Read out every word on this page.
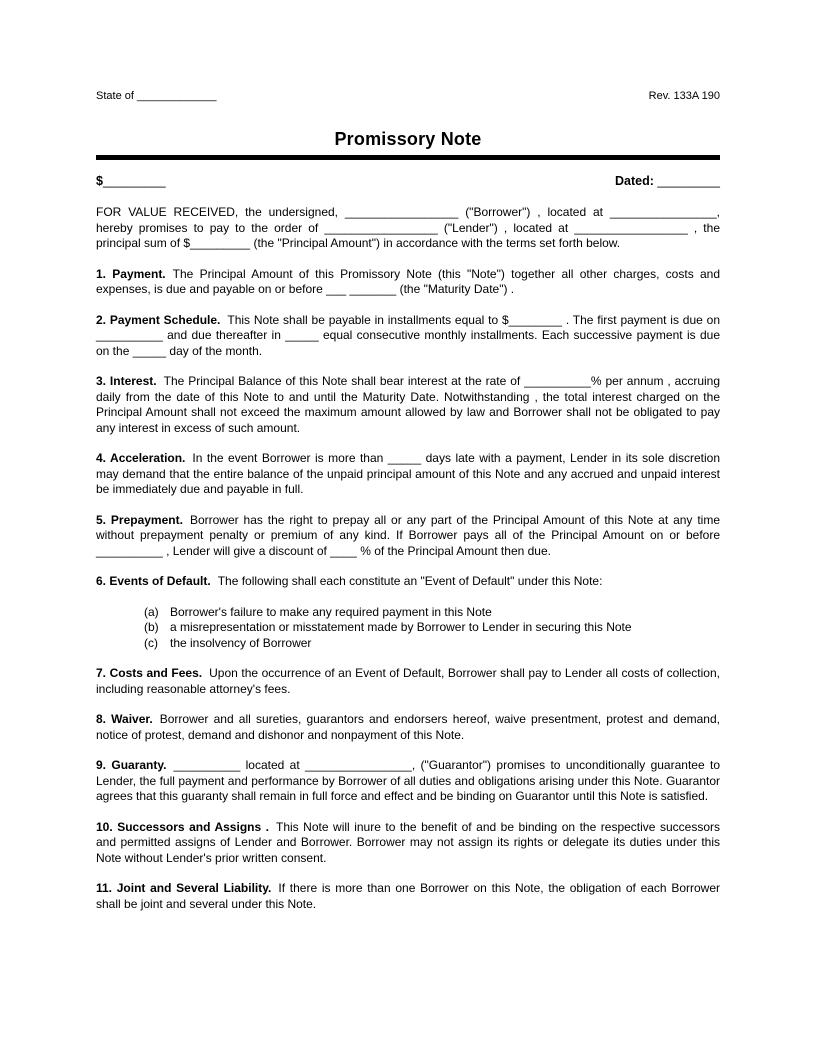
State of _____________	Rev. 133A 190
Promissory Note
$_________	Dated: _________

FOR VALUE RECEIVED, the undersigned, _________________ ("Borrower") , located at ________________, hereby promises to pay to the order of _________________ ("Lender") , located at _________________ , the principal sum of $_________ (the "Principal Amount") in accordance with the terms set forth below.

1. Payment. The Principal Amount of this Promissory Note (this "Note") together all other charges, costs and expenses, is due and payable on or before ___ _______ (the "Maturity Date") .

2. Payment Schedule. This Note shall be payable in installments equal to $________ . The first payment is due on __________ and due thereafter in _____ equal consecutive monthly installments. Each successive payment is due on the _____ day of the month.

3. Interest. The Principal Balance of this Note shall bear interest at the rate of __________% per annum , accruing daily from the date of this Note to and until the Maturity Date. Notwithstanding , the total interest charged on the Principal Amount shall not exceed the maximum amount allowed by law and Borrower shall not be obligated to pay any interest in excess of such amount.

4. Acceleration. In the event Borrower is more than _____ days late with a payment, Lender in its sole discretion may demand that the entire balance of the unpaid principal amount of this Note and any accrued and unpaid interest be immediately due and payable in full.

5. Prepayment. Borrower has the right to prepay all or any part of the Principal Amount of this Note at any time without prepayment penalty or premium of any kind. If Borrower pays all of the Principal Amount on or before __________ , Lender will give a discount of ____ % of the Principal Amount then due.

6. Events of Default. The following shall each constitute an "Event of Default" under this Note:

(a) Borrower's failure to make any required payment in this Note
(b) a misrepresentation or misstatement made by Borrower to Lender in securing this Note
(c) the insolvency of Borrower

7. Costs and Fees. Upon the occurrence of an Event of Default, Borrower shall pay to Lender all costs of collection, including reasonable attorney's fees.

8. Waiver. Borrower and all sureties, guarantors and endorsers hereof, waive presentment, protest and demand, notice of protest, demand and dishonor and nonpayment of this Note.

9. Guaranty. __________ located at ________________, ("Guarantor") promises to unconditionally guarantee to Lender, the full payment and performance by Borrower of all duties and obligations arising under this Note. Guarantor agrees that this guaranty shall remain in full force and effect and be binding on Guarantor until this Note is satisfied.

10. Successors and Assigns . This Note will inure to the benefit of and be binding on the respective successors and permitted assigns of Lender and Borrower. Borrower may not assign its rights or delegate its duties under this Note without Lender's prior written consent.

11. Joint and Several Liability. If there is more than one Borrower on this Note, the obligation of each Borrower shall be joint and several under this Note.
